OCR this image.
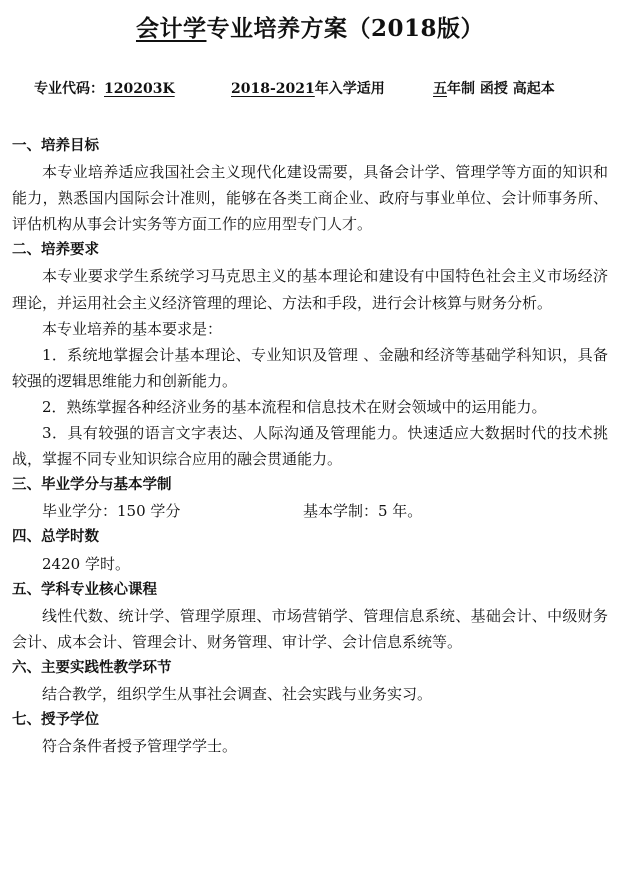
会计学专业培养方案（2018版）
专业代码：120203K	2018-2021年入学适用	五年制 函授 高起本
一、培养目标

本专业培养适应我国社会主义现代化建设需要，具备会计学、管理学等方面的知识和能力，熟悉国内国际会计准则，能够在各类工商企业、政府与事业单位、会计师事务所、评估机构从事会计实务等方面工作的应用型专门人才。

二、培养要求

本专业要求学生系统学习马克思主义的基本理论和建设有中国特色社会主义市场经济理论，并运用社会主义经济管理的理论、方法和手段，进行会计核算与财务分析。

本专业培养的基本要求是：

1．系统地掌握会计基本理论、专业知识及管理 、金融和经济等基础学科知识，具备较强的逻辑思维能力和创新能力。

2．熟练掌握各种经济业务的基本流程和信息技术在财会领域中的运用能力。

3．具有较强的语言文字表达、人际沟通及管理能力。快速适应大数据时代的技术挑战，掌握不同专业知识综合应用的融会贯通能力。

三、毕业学分与基本学制
毕业学分：150 学分	基本学制：5 年。
四、总学时数
2420 学时。
五、学科专业核心课程

线性代数、统计学、管理学原理、市场营销学、管理信息系统、基础会计、中级财务会计、成本会计、管理会计、财务管理、审计学、会计信息系统等。

六、主要实践性教学环节
结合教学，组织学生从事社会调查、社会实践与业务实习。
七、授予学位
符合条件者授予管理学学士。
